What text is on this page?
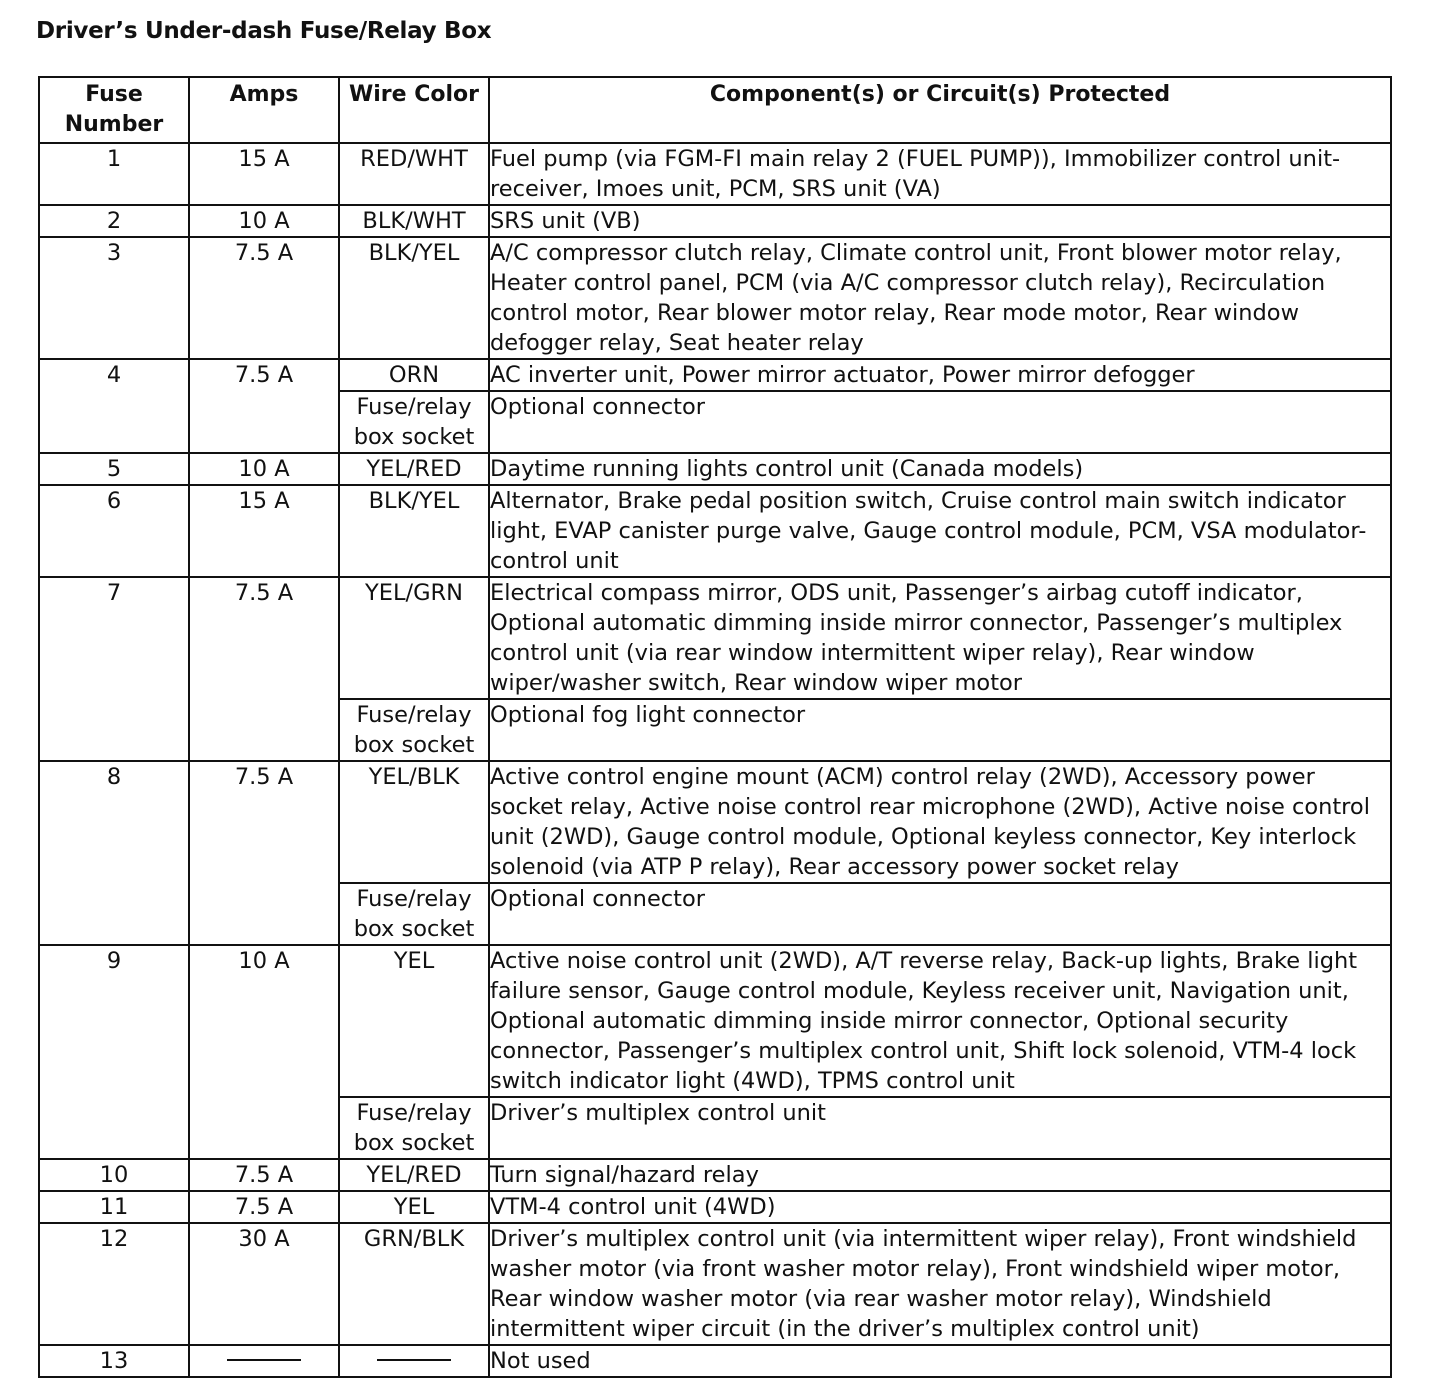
Driver’s Under-dash Fuse/Relay Box
Fuse
Number	Amps	Wire Color	Component(s) or Circuit(s) Protected
1	15 A	RED/WHT	Fuel pump (via FGM-FI main relay 2 (FUEL PUMP)), Immobilizer control unit-receiver, Imoes unit, PCM, SRS unit (VA)
2	10 A	BLK/WHT	SRS unit (VB)
3	7.5 A	BLK/YEL	A/C compressor clutch relay, Climate control unit, Front blower motor relay, Heater control panel, PCM (via A/C compressor clutch relay), Recirculation control motor, Rear blower motor relay, Rear mode motor, Rear window defogger relay, Seat heater relay
4	7.5 A	ORN	AC inverter unit, Power mirror actuator, Power mirror defogger
		Fuse/relay box socket	Optional connector
5	10 A	YEL/RED	Daytime running lights control unit (Canada models)
6	15 A	BLK/YEL	Alternator, Brake pedal position switch, Cruise control main switch indicator light, EVAP canister purge valve, Gauge control module, PCM, VSA modulator-control unit
7	7.5 A	YEL/GRN	Electrical compass mirror, ODS unit, Passenger’s airbag cutoff indicator, Optional automatic dimming inside mirror connector, Passenger’s multiplex control unit (via rear window intermittent wiper relay), Rear window wiper/washer switch, Rear window wiper motor
		Fuse/relay box socket	Optional fog light connector
8	7.5 A	YEL/BLK	Active control engine mount (ACM) control relay (2WD), Accessory power socket relay, Active noise control rear microphone (2WD), Active noise control unit (2WD), Gauge control module, Optional keyless connector, Key interlock solenoid (via ATP P relay), Rear accessory power socket relay
		Fuse/relay box socket	Optional connector
9	10 A	YEL	Active noise control unit (2WD), A/T reverse relay, Back-up lights, Brake light failure sensor, Gauge control module, Keyless receiver unit, Navigation unit, Optional automatic dimming inside mirror connector, Optional security connector, Passenger’s multiplex control unit, Shift lock solenoid, VTM-4 lock switch indicator light (4WD), TPMS control unit
		Fuse/relay box socket	Driver’s multiplex control unit
10	7.5 A	YEL/RED	Turn signal/hazard relay
11	7.5 A	YEL	VTM-4 control unit (4WD)
12	30 A	GRN/BLK	Driver’s multiplex control unit (via intermittent wiper relay), Front windshield washer motor (via front washer motor relay), Front windshield wiper motor, Rear window washer motor (via rear washer motor relay), Windshield intermittent wiper circuit (in the driver’s multiplex control unit)
13			Not used
